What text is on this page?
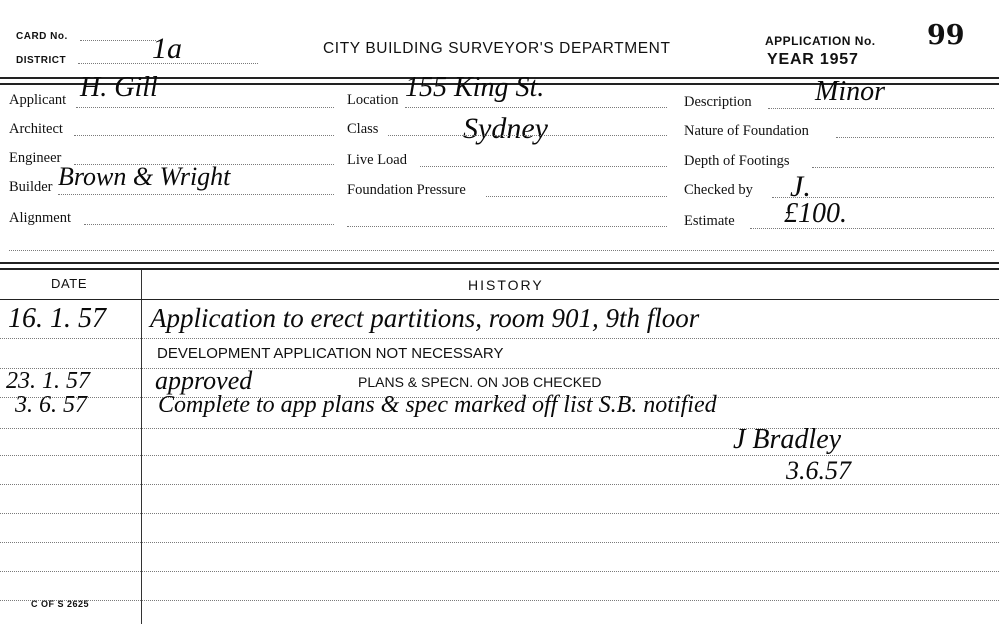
CARD No.
DISTRICT	1a	CITY BUILDING SURVEYOR'S DEPARTMENT	APPLICATION No. 99
YEAR 1957
Applicant H. Gill
Architect
Engineer
Builder Brown & Wright
Alignment
Location 155 King St.
Class	Sydney
Live Load
Foundation Pressure
Description Minor
Nature of Foundation
Depth of Footings
Checked by J.
Estimate £100.
DATE	HISTORY
16. 1. 57 Application to erect partitions, room 901, 9th floor
DEVELOPMENT APPLICATION NOT NECESSARY
23. 1. 57	approved	PLANS & SPECN. ON JOB CHECKED
3. 6. 57	Complete to app plans & spec marked off list S.B. notified
J Bradley
3.6.57
C OF S 2625
